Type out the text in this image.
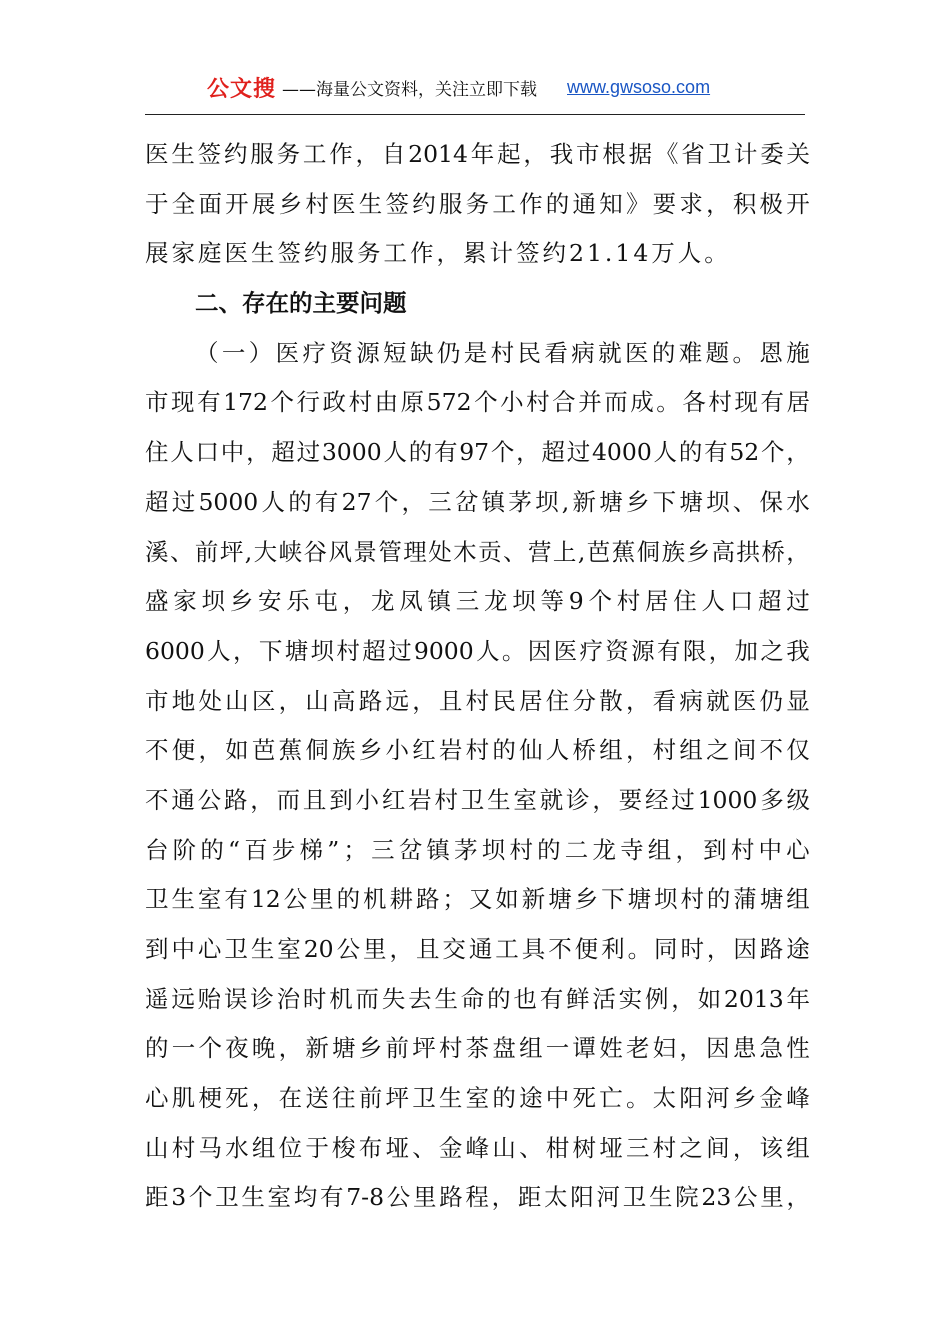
公文搜 ——海量公文资料，关注立即下载 www.gwsoso.com
医 生 签 约 服 务 工 作 ， 自 2014 年 起 ， 我 市 根 据 《 省 卫 计 委 关
于 全 面 开 展 乡 村 医 生 签 约 服 务 工 作 的 通 知 》 要 求 ， 积 极 开
展家庭医生签约服务工作，累计签约21.14万人。
二、存在的主要问题
（ 一 ） 医 疗 资 源 短 缺 仍 是 村 民 看 病 就 医 的 难 题 。 恩 施
市 现 有 172 个 行 政 村 由 原 572 个 小 村 合 并 而 成 。 各 村 现 有 居
住 人 口 中 ， 超 过 3000 人 的 有 97 个 ， 超 过 4000 人 的 有 52 个 ，
超 过 5000 人 的 有 27 个 ， 三 岔 镇 茅 坝 , 新 塘 乡 下 塘 坝 、 保 水
溪 、 前 坪 , 大 峡 谷 风 景 管 理 处 木 贡 、 营 上 , 芭 蕉 侗 族 乡 高 拱 桥 ，
盛 家 坝 乡 安 乐 屯 ， 龙 凤 镇 三 龙 坝 等 9 个 村 居 住 人 口 超 过
6000 人 ， 下 塘 坝 村 超 过 9000 人 。 因 医 疗 资 源 有 限 ， 加 之 我
市 地 处 山 区 ， 山 高 路 远 ， 且 村 民 居 住 分 散 ， 看 病 就 医 仍 显
不 便 ， 如 芭 蕉 侗 族 乡 小 红 岩 村 的 仙 人 桥 组 ， 村 组 之 间 不 仅
不 通 公 路 ， 而 且 到 小 红 岩 村 卫 生 室 就 诊 ， 要 经 过 1000 多 级
台 阶 的 “ 百 步 梯 ” ； 三 岔 镇 茅 坝 村 的 二 龙 寺 组 ， 到 村 中 心
卫 生 室 有 12 公 里 的 机 耕 路 ； 又 如 新 塘 乡 下 塘 坝 村 的 蒲 塘 组
到 中 心 卫 生 室 20 公 里 ， 且 交 通 工 具 不 便 利 。 同 时 ， 因 路 途
遥 远 贻 误 诊 治 时 机 而 失 去 生 命 的 也 有 鲜 活 实 例 ， 如 2013 年
的 一 个 夜 晚 ， 新 塘 乡 前 坪 村 茶 盘 组 一 谭 姓 老 妇 ， 因 患 急 性
心 肌 梗 死 ， 在 送 往 前 坪 卫 生 室 的 途 中 死 亡 。 太 阳 河 乡 金 峰
山 村 马 水 组 位 于 梭 布 垭 、 金 峰 山 、 柑 树 垭 三 村 之 间 ， 该 组
距 3 个 卫 生 室 均 有 7-8 公 里 路 程 ， 距 太 阳 河 卫 生 院 23 公 里 ，
